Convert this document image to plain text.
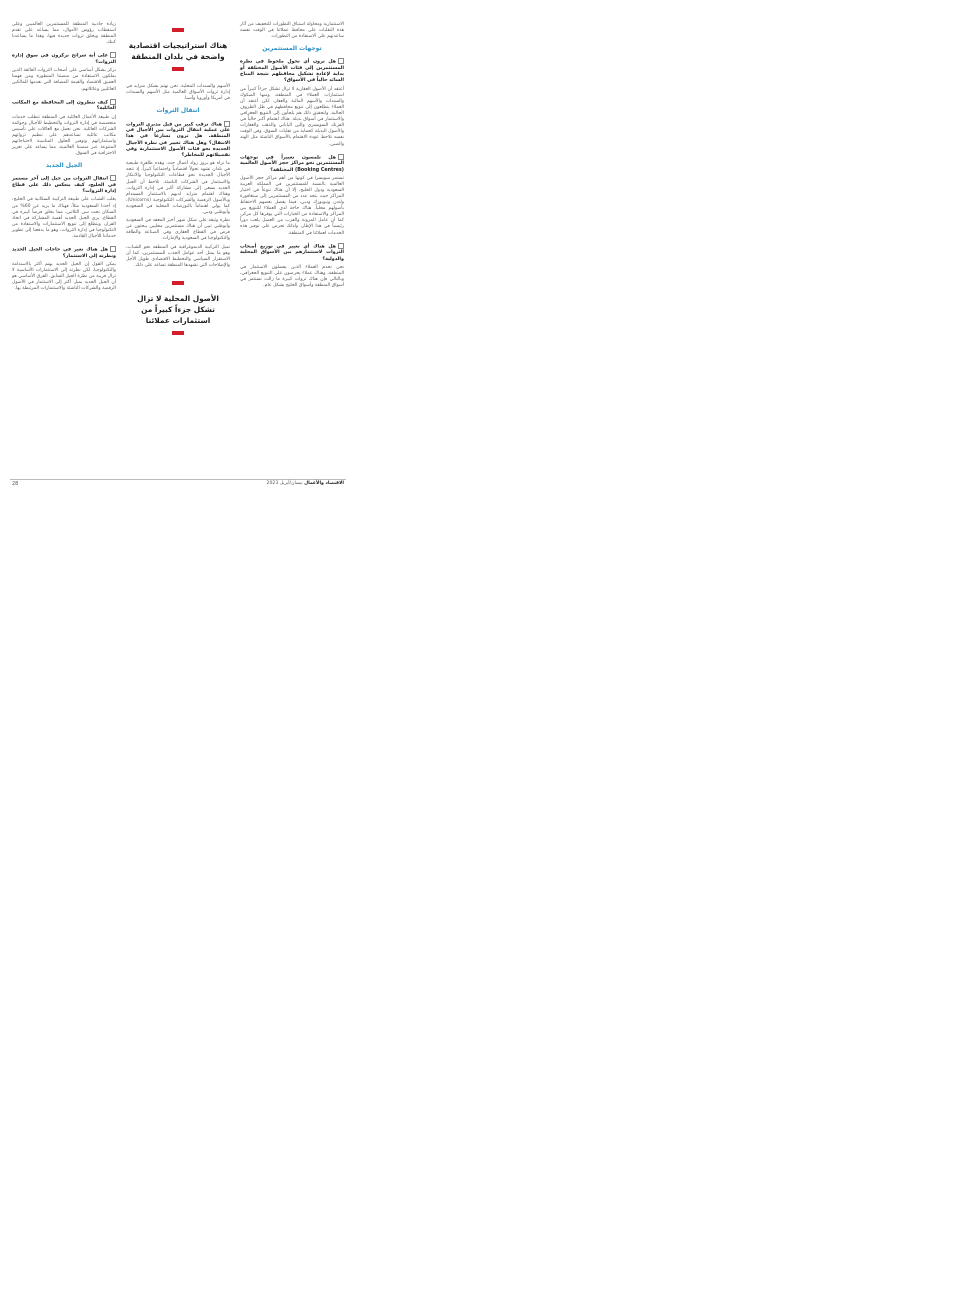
الاستثمارية ومحاولة استباق التطورات للتخفيف من آثار هذه التقلبات على محافظ عملائنا في الوقت نفسه ساعدتهم على الاستفادة من التطورات.

توجهات المستثمرين
هل ترون أي تحول ملحوظ في نظرة المستثمرين إلى فئات الأصول المختلفة أو بداية لإعادة تشكيل محافظهم نتيجة المناخ السائد حالياً في الأسواق؟

أعتقد أن الأصول العقارية لا تزال تشكل جزءاً كبيراً من استثمارات العملاء في المنطقة، ومنها الصكوك والسندات والأسهم المالية والعقار، لكن أعتقد أن العملاء يتطلعون إلى تنويع محافظهم في ظل الظروف الحالية، ولتحقيق ذلك هم يلجأون إلى التنويع الجغرافي والاستثمار في أسواق بديلة. هناك اهتمام أكبر حالياً في الفرنك السويسري والين الياباني والذهب والعقارات والأصول البديلة كحماية من تقلبات السوق، وفي الوقت نفسه نلاحظ عودة الاهتمام بالأسواق الناشئة مثل الهند والصين.

هل تلمسون تغييراً في توجهات المستثمرين نحو مراكز حجز الأصول العالمية (Booking Centres) المختلفة؟

تستمر سويسرا في كونها من أهم مراكز حجز الأصول العالمية بالنسبة للمستثمرين في المملكة العربية السعودية ودول الخليج، إلا أن هناك تنوعاً في اختيار المراكز حيث يتجه عدد من المستثمرين إلى سنغافورة ولندن ونيويورك ودبي، فيما يفضل بعضهم الاحتفاظ بأصولهم محلياً. هناك حاجة لدى العملاء للتنويع بين المراكز والاستفادة من الخيارات التي يوفرها كل مركز، كما أن عامل المرونة والقرب من العميل يلعب دوراً رئيسياً في هذا الإطار، ولذلك نحرص على توفير هذه الخدمات لعملائنا في المنطقة.

هل هناك أي تغيير في توزيع أصحاب الثروات لاستثمارهم بين الأسواق المحلية والدولية؟

نحن نخدم العملاء الذين يفضلون الاستثمار في المنطقة، وهناك عملاء يحرصون على التنويع الجغرافي، وبالتالي فإن هناك ثروات كبيرة ما زالت تستثمر في أسواق المنطقة وأسواق الخليج بشكل عام.

هناك استراتيجيات اقتصادية واضحة في بلدان المنطقة

الأسهم والسندات المحلية. نحن نهتم بشكل متزايد في إدارة ثروات الأسواق العالمية مثل الأسهم والسندات في أمريكا وأوروبا وآسيا.

انتقال الثروات
هناك ترقب كبير من قبل مديري الثروات على عملية انتقال الثروات بين الأجيال في المنطقة. هل ترون تسارعاً في هذا الانتقال؟ وهل هناك تغيير في نظرة الأجيال الجديدة نحو فئات الأصول الاستثمارية وفي تفضيلاتهم للمخاطر؟

ما نراه هو بروز رواد أعمال جدد، وهذه ظاهرة طبيعية في بلدان تشهد تحولاً اقتصادياً واجتماعياً كبيراً، إذ تتجه الأجيال الجديدة نحو قطاعات التكنولوجيا والابتكار والاستثمار في الشركات الناشئة. نلاحظ أن الجيل الجديد يسعى إلى مشاركة أكبر في إدارة الثروات، وهناك اهتمام متزايد لديهم بالاستثمار المستدام وبالأصول الرقمية والشركات التكنولوجية (Unicorns)، كما يولي اهتماماً بالبورصات المحلية في السعودية وأبوظبي ودبي.

نظرة وثيقة على شكل شهر أخير المعقد في السعودية وأبوظبي تبين أن هناك مستثمرين محليين يبحثون عن فرص في القطاع العقاري وفي الصناعة والطاقة والتكنولوجيا في السعودية والإمارات.

تميل التركيبة الديموغرافية في المنطقة نحو الشباب، وهو ما يمثل أحد عوامل الجذب للمستثمرين، كما أن الاستقرار السياسي والتخطيط الاقتصادي طويل الأجل والإصلاحات التي تشهدها المنطقة تساعد على ذلك.

الأصول المحلية لا تزال تشكل جزءاً كبيراً من استثمارات عملائنا

زيادة جاذبية المنطقة للمستثمرين العالميين وعلى استقطاب رؤوس الأموال، مما يساعد على تقدم المنطقة ويخلق ثروات جديدة فيها، وهذا ما يساعدنا كبنك.

على أية شرائح تركزون في سوق إدارة الثروات؟

نركز بشكل أساسي على أصحاب الثروات الفائقة الذين يملكون الاستفادة من منصتنا المتطورة ومن فهمنا العميق للاقتصاد والقيمة المضافة التي نقدمها للمالكين العائليين وعائلاتهم.

كيف تنظرون إلى المحافظة مع المكاتب العائلية؟

إن طبيعة الأعمال العائلية في المنطقة تتطلب خدمات متخصصة في إدارة الثروات والتخطيط للأجيال وحوكمة الشركات العائلية. نحن نعمل مع العائلات على تأسيس مكاتب عائلية تساعدهم على تنظيم ثرواتهم واستثماراتهم وتوفير الحلول المناسبة لاحتياجاتهم المتنوعة عبر منصتنا العالمية، مما يساعد على تعزيز الاحترافية في السوق.

الجيل الجديد
انتقال الثروات من جيل إلى آخر مستمر في الخليج، كيف ينعكس ذلك على قطاع إدارة الثروات؟

يغلب الشباب على طبيعة التركيبة السكانية في الخليج، إذ أخذنا السعودية مثلاً، فهناك ما يزيد عن 60% من السكان تحت سن الثلاثين، مما يخلق فرصاً كبيرة في القطاع. يرى الجيل الجديد أهمية المشاركة في اتخاذ القرار، ويتطلع إلى تنويع الاستثمارات والاستفادة من التكنولوجيا في إدارة الثروات، وهو ما يدفعنا إلى تطوير خدماتنا للأجيال القادمة.

هل هناك تغير في حاجات الجيل الجديد ونظرته إلى الاستثمار؟

يمكن القول إن الجيل الجديد يهتم أكثر بالاستدامة والتكنولوجيا، لكن نظرته إلى الاستثمارات الأساسية لا تزال قريبة من نظرة الجيل السابق. الفرق الأساسي هو أن الجيل الجديد يميل أكثر إلى الاستثمار في الأصول الرقمية والشركات الناشئة والاستثمارات المرتبطة بها.

28	الاقتصاد والأعمال نيسان/أبريل 2023
